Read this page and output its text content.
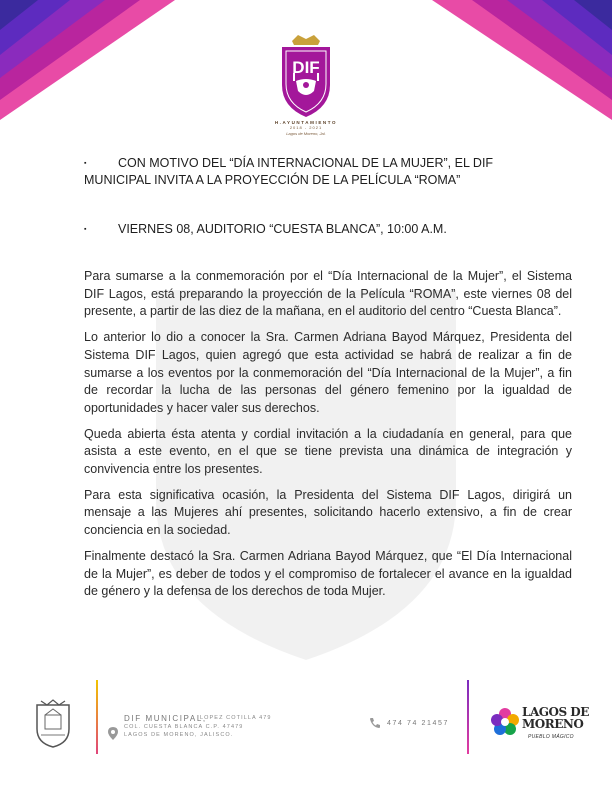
DIF
H.AYUNTAMIENTO
2018 - 2021
Lagos de Moreno, Jal.
▪	CON MOTIVO DEL “DÍA INTERNACIONAL DE LA MUJER”, EL DIF MUNICIPAL INVITA A LA PROYECCIÓN DE LA PELÍCULA “ROMA”
▪	VIERNES 08, AUDITORIO “CUESTA BLANCA”, 10:00 A.M.

Para sumarse a la conmemoración por el “Día Internacional de la Mujer”, el Sistema DIF Lagos, está preparando la proyección de la Película “ROMA”, este viernes 08 del presente, a partir de las diez de la mañana, en el auditorio del centro “Cuesta Blanca”.

Lo anterior lo dio a conocer la Sra. Carmen Adriana Bayod Márquez, Presidenta del Sistema DIF Lagos, quien agregó que esta actividad se habrá de realizar a fin de sumarse a los eventos por la conmemoración del “Día Internacional de la Mujer”, a fin de recordar la lucha de las personas del género femenino por la igualdad de oportunidades y hacer valer sus derechos.

Queda abierta ésta atenta y cordial invitación a la ciudadanía en general, para que asista a este evento, en el que se tiene prevista una dinámica de integración y convivencia entre los presentes.

Para esta significativa ocasión, la Presidenta del Sistema DIF Lagos, dirigirá un mensaje a las Mujeres ahí presentes, solicitando hacerlo extensivo, a fin de crear conciencia en la sociedad.

Finalmente destacó la Sra. Carmen Adriana Bayod Márquez, que “El Día Internacional de la Mujer”, es deber de todos y el compromiso de fortalecer el avance en la igualdad de género y la defensa de los derechos de toda Mujer.

DIF MUNICIPAL,
LOPEZ COTILLA 479
COL. CUESTA BLANCA C.P. 47479
LAGOS DE MORENO, JALISCO.
474 74 21457
LAGOS DE
MORENO
PUEBLO MÁGICO
